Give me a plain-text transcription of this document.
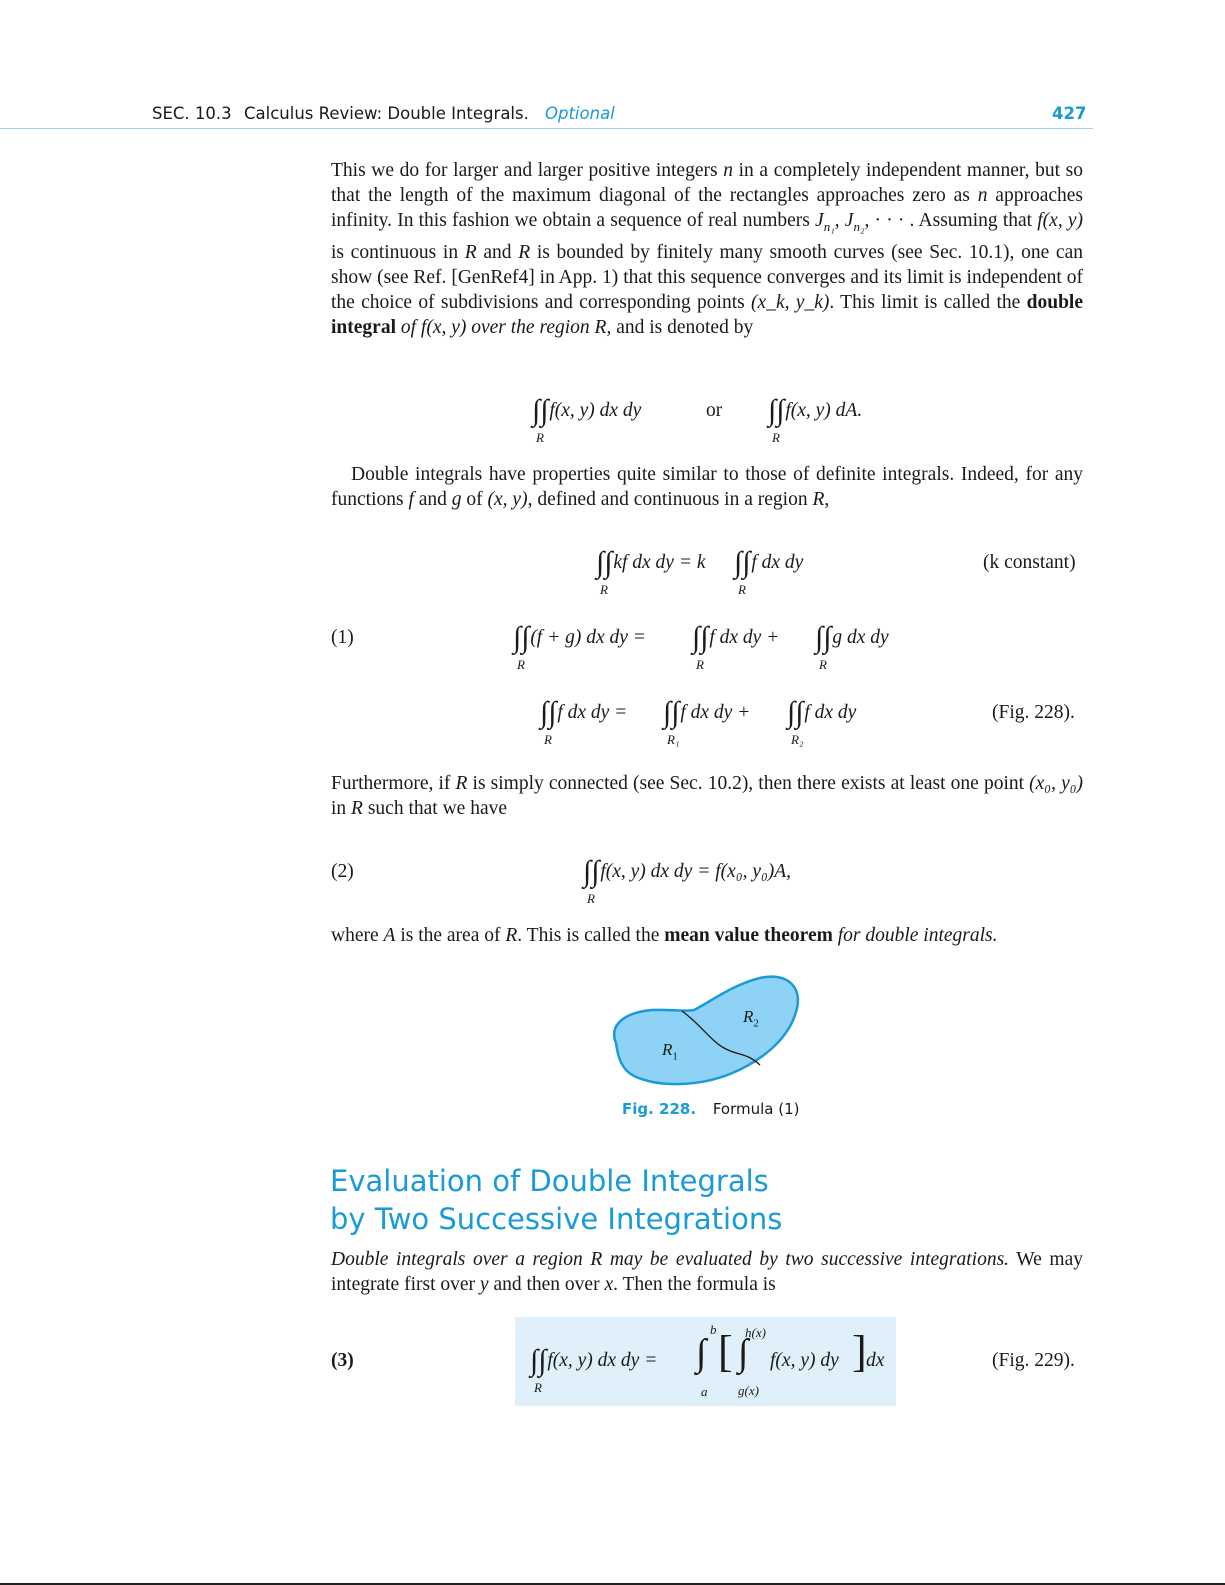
SEC. 10.3 Calculus Review: Double Integrals. Optional	427
This we do for larger and larger positive integers n in a completely independent manner, but so that the length of the maximum diagonal of the rectangles approaches zero as n approaches infinity. In this fashion we obtain a sequence of real numbers $J_{n_1}$, $J_{n_2}$, · · · . Assuming that f(x, y) is continuous in R and R is bounded by finitely many smooth curves (see Sec. 10.1), one can show (see Ref. [GenRef4] in App. 1) that this sequence converges and its limit is independent of the choice of subdivisions and corresponding points (x_k, y_k). This limit is called the double integral of f(x, y) over the region R, and is denoted by
∫∫ f(x, y) dx dy
R
or ∫∫ f(x, y) dA.
R
Double integrals have properties quite similar to those of definite integrals. Indeed, for any functions f and g of (x, y), defined and continuous in a region R,
∫∫ kf dx dy = k
R
∫∫ f dx dy
R
(k constant)
(1)	∫∫ (f + g) dx dy =
R
∫∫ f dx dy +
R
∫∫ g dx dy
R
∫∫ f dx dy =
R
∫∫ f dx dy +
R₁
∫∫ f dx dy
R₂
(Fig. 228).
Furthermore, if R is simply connected (see Sec. 10.2), then there exists at least one point (x₀, y₀) in R such that we have
(2)	∫∫ f(x, y) dx dy = f(x₀, y₀)A,
R
where A is the area of R. This is called the mean value theorem for double integrals.
$R_1$
$R_2$
Fig. 228. Formula (1)
Evaluation of Double Integrals
by Two Successive Integrations
Double integrals over a region R may be evaluated by two successive integrations. We may integrate first over y and then over x. Then the formula is
(3)	∫∫ f(x, y) dx dy =
R
∫
b
a
[ ∫
h(x)
g(x)
f(x, y) dy ] dx	(Fig. 229).
